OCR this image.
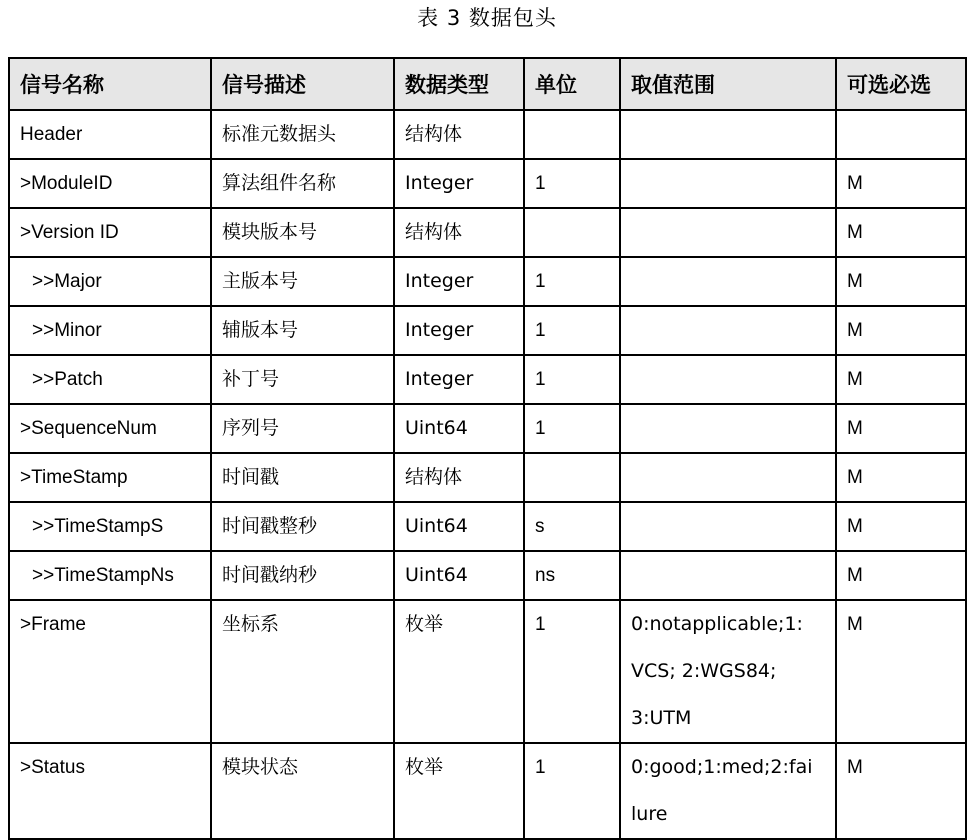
表 3 数据包头
信号名称	信号描述	数据类型	单位	取值范围	可选必选
Header	标准元数据头	结构体			
>ModuleID	算法组件名称	Integer	1		M
>Version ID	模块版本号	结构体			M
>>Major	主版本号	Integer	1		M
>>Minor	辅版本号	Integer	1		M
>>Patch	补丁号	Integer	1		M
>SequenceNum	序列号	Uint64	1		M
>TimeStamp	时间戳	结构体			M
>>TimeStampS	时间戳整秒	Uint64	s		M
>>TimeStampNs	时间戳纳秒	Uint64	ns		M
>Frame	坐标系	枚举	1	0:notapplicable;1:
VCS; 2:WGS84;
3:UTM	M
>Status	模块状态	枚举	1	0:good;1:med;2:fai
lure	M
